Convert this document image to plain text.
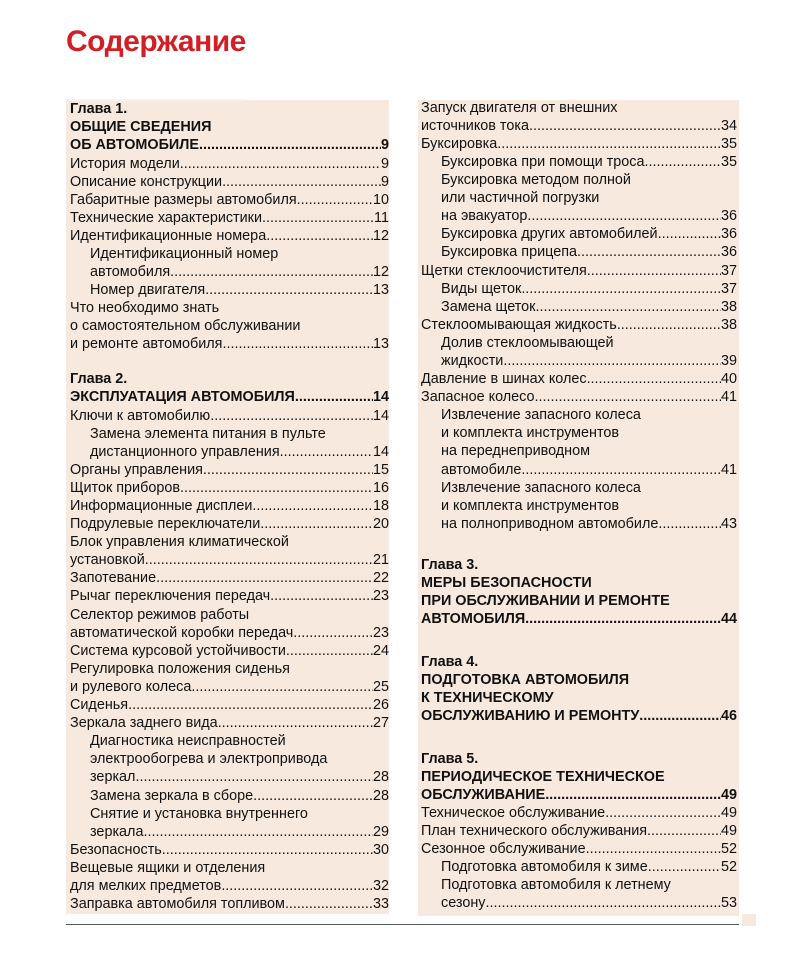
Содержание
Глава 1.
ОБЩИЕ СВЕДЕНИЯ
ОБ АВТОМОБИЛЕ .....	9
История модели .....	9
Описание конструкции .....	9
Габаритные размеры автомобиля .....	10
Технические характеристики .....	11
Идентификационные номера .....	12
Идентификационный номер
автомобиля .....	12
Номер двигателя .....	13
Что необходимо знать
о самостоятельном обслуживании
и ремонте автомобиля .....	13
Глава 2.
ЭКСПЛУАТАЦИЯ АВТОМОБИЛЯ .....	14
Ключи к автомобилю .....	14
Замена элемента питания в пульте
дистанционного управления .....	14
Органы управления .....	15
Щиток приборов .....	16
Информационные дисплеи .....	18
Подрулевые переключатели .....	20
Блок управления климатической
установкой .....	21
Запотевание .....	22
Рычаг переключения передач .....	23
Селектор режимов работы
автоматической коробки передач .....	23
Система курсовой устойчивости .....	24
Регулировка положения сиденья
и рулевого колеса .....	25
Сиденья .....	26
Зеркала заднего вида .....	27
Диагностика неисправностей
электрообогрева и электропривода
зеркал .....	28
Замена зеркала в сборе .....	28
Снятие и установка внутреннего
зеркала .....	29
Безопасность .....	30
Вещевые ящики и отделения
для мелких предметов .....	32
Заправка автомобиля топливом .....	33
Запуск двигателя от внешних
источников тока .....	34
Буксировка .....	35
Буксировка при помощи троса .....	35
Буксировка методом полной
или частичной погрузки
на эвакуатор .....	36
Буксировка других автомобилей .....	36
Буксировка прицепа .....	36
Щетки стеклоочистителя .....	37
Виды щеток .....	37
Замена щеток .....	38
Стеклоомывающая жидкость .....	38
Долив стеклоомывающей
жидкости .....	39
Давление в шинах колес .....	40
Запасное колесо .....	41
Извлечение запасного колеса
и комплекта инструментов
на переднеприводном
автомобиле .....	41
Извлечение запасного колеса
и комплекта инструментов
на полноприводном автомобиле .....	43
Глава 3.
МЕРЫ БЕЗОПАСНОСТИ
ПРИ ОБСЛУЖИВАНИИ И РЕМОНТЕ
АВТОМОБИЛЯ .....	44
Глава 4.
ПОДГОТОВКА АВТОМОБИЛЯ
К ТЕХНИЧЕСКОМУ
ОБСЛУЖИВАНИЮ И РЕМОНТУ .....	46
Глава 5.
ПЕРИОДИЧЕСКОЕ ТЕХНИЧЕСКОЕ
ОБСЛУЖИВАНИЕ .....	49
Техническое обслуживание .....	49
План технического обслуживания .....	49
Сезонное обслуживание .....	52
Подготовка автомобиля к зиме .....	52
Подготовка автомобиля к летнему
сезону .....	53
